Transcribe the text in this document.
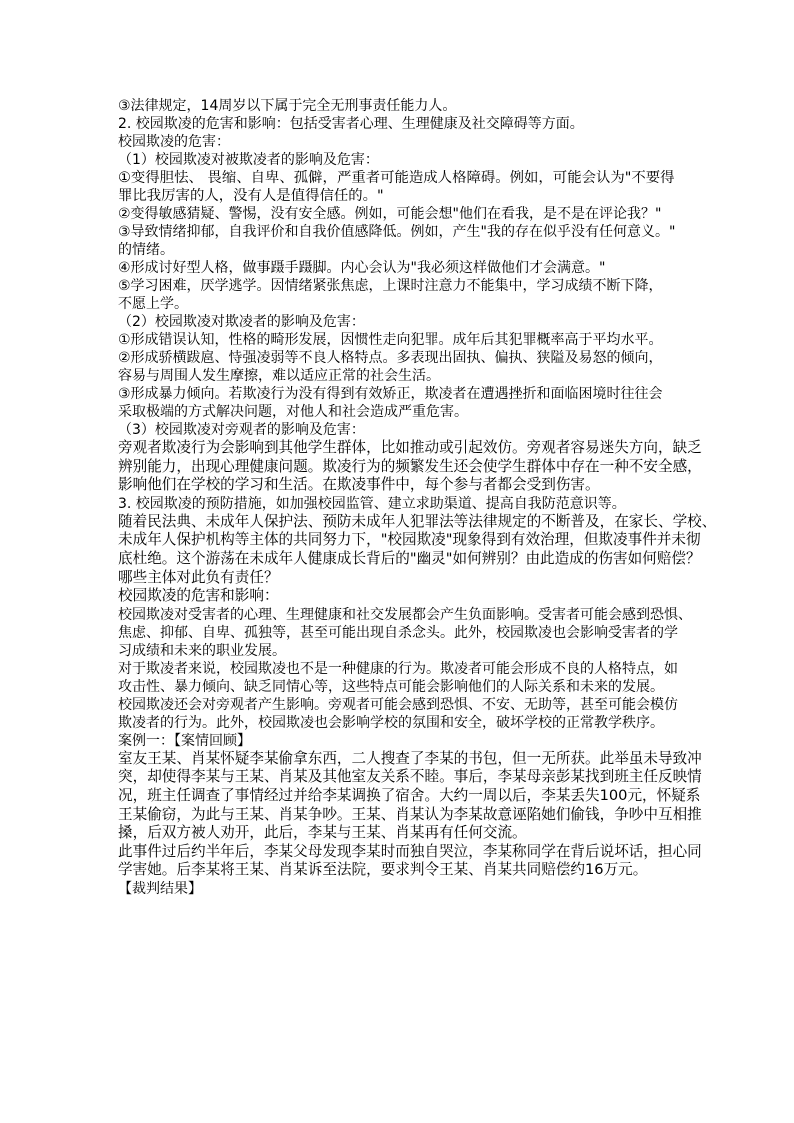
③法律规定，14周岁以下属于完全无刑事责任能力人。
2. 校园欺凌的危害和影响：包括受害者心理、生理健康及社交障碍等方面。
校园欺凌的危害：
（1）校园欺凌对被欺凌者的影响及危害：
①变得胆怯、 畏缩、自卑、孤僻，严重者可能造成人格障碍。例如，可能会认为"不要得
罪比我厉害的人，没有人是值得信任的。"
②变得敏感猜疑、警惕，没有安全感。例如，可能会想"他们在看我，是不是在评论我？"
③导致情绪抑郁，自我评价和自我价值感降低。例如，产生"我的存在似乎没有任何意义。"
的情绪。
④形成讨好型人格，做事蹑手蹑脚。内心会认为"我必须这样做他们才会满意。"
⑤学习困难，厌学逃学。因情绪紧张焦虑，上课时注意力不能集中，学习成绩不断下降，
不愿上学。
（2）校园欺凌对欺凌者的影响及危害：
①形成错误认知，性格的畸形发展，因惯性走向犯罪。成年后其犯罪概率高于平均水平。
②形成骄横跋扈、恃强凌弱等不良人格特点。多表现出固执、偏执、狭隘及易怒的倾向，
容易与周围人发生摩擦，难以适应正常的社会生活。
③形成暴力倾向。若欺凌行为没有得到有效矫正，欺凌者在遭遇挫折和面临困境时往往会
采取极端的方式解决问题，对他人和社会造成严重危害。
（3）校园欺凌对旁观者的影响及危害：
旁观者欺凌行为会影响到其他学生群体，比如推动或引起效仿。旁观者容易迷失方向，缺乏
辨别能力，出现心理健康问题。欺凌行为的频繁发生还会使学生群体中存在一种不安全感，
影响他们在学校的学习和生活。在欺凌事件中，每个参与者都会受到伤害。
3. 校园欺凌的预防措施，如加强校园监管、建立求助渠道、提高自我防范意识等。
随着民法典、未成年人保护法、预防未成年人犯罪法等法律规定的不断普及，在家长、学校、
未成年人保护机构等主体的共同努力下，"校园欺凌"现象得到有效治理，但欺凌事件并未彻
底杜绝。这个游荡在未成年人健康成长背后的"幽灵"如何辨别？由此造成的伤害如何赔偿？
哪些主体对此负有责任？
校园欺凌的危害和影响：
校园欺凌对受害者的心理、生理健康和社交发展都会产生负面影响。受害者可能会感到恐惧、
焦虑、抑郁、自卑、孤独等，甚至可能出现自杀念头。此外，校园欺凌也会影响受害者的学
习成绩和未来的职业发展。
对于欺凌者来说，校园欺凌也不是一种健康的行为。欺凌者可能会形成不良的人格特点，如
攻击性、暴力倾向、缺乏同情心等，这些特点可能会影响他们的人际关系和未来的发展。
校园欺凌还会对旁观者产生影响。旁观者可能会感到恐惧、不安、无助等，甚至可能会模仿
欺凌者的行为。此外，校园欺凌也会影响学校的氛围和安全，破坏学校的正常教学秩序。
案例一：【案情回顾】
室友王某、肖某怀疑李某偷拿东西，二人搜查了李某的书包，但一无所获。此举虽未导致冲
突，却使得李某与王某、肖某及其他室友关系不睦。事后，李某母亲彭某找到班主任反映情
况，班主任调查了事情经过并给李某调换了宿舍。大约一周以后，李某丢失100元，怀疑系
王某偷窃，为此与王某、肖某争吵。王某、肖某认为李某故意诬陷她们偷钱，争吵中互相推
搡，后双方被人劝开，此后，李某与王某、肖某再有任何交流。
此事件过后约半年后，李某父母发现李某时而独自哭泣，李某称同学在背后说坏话，担心同
学害她。后李某将王某、肖某诉至法院，要求判令王某、肖某共同赔偿约16万元。
【裁判结果】
